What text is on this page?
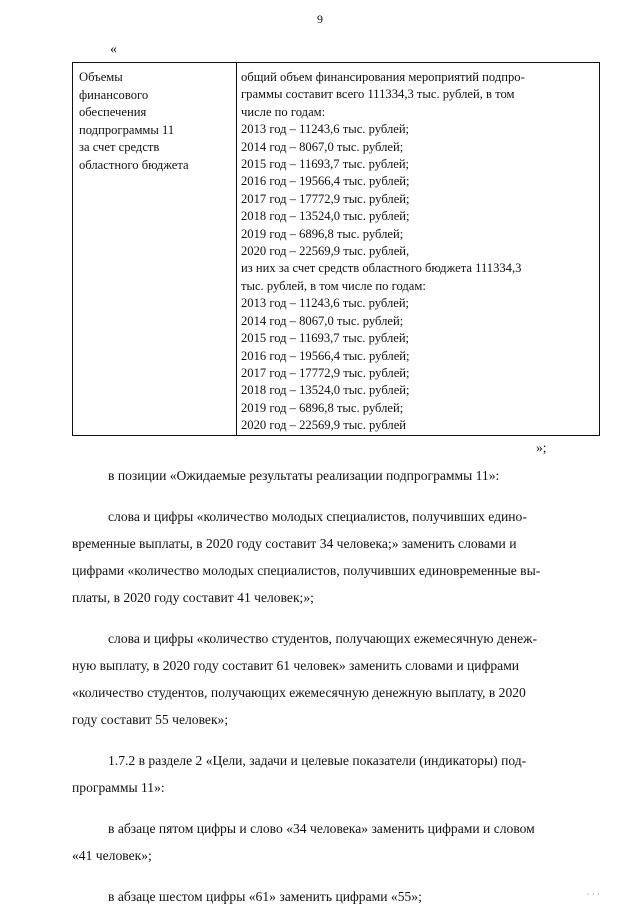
9
«
Объемы
финансового
обеспечения
подпрограммы 11
за счет средств
областного бюджета
общий объем финансирования мероприятий подпро-
граммы составит всего 111334,3 тыс. рублей, в том
числе по годам:
2013 год – 11243,6 тыс. рублей;
2014 год – 8067,0 тыс. рублей;
2015 год – 11693,7 тыс. рублей;
2016 год – 19566,4 тыс. рублей;
2017 год – 17772,9 тыс. рублей;
2018 год – 13524,0 тыс. рублей;
2019 год – 6896,8 тыс. рублей;
2020 год – 22569,9 тыс. рублей,
из них за счет средств областного бюджета 111334,3
тыс. рублей, в том числе по годам:
2013 год – 11243,6 тыс. рублей;
2014 год – 8067,0 тыс. рублей;
2015 год – 11693,7 тыс. рублей;
2016 год – 19566,4 тыс. рублей;
2017 год – 17772,9 тыс. рублей;
2018 год – 13524,0 тыс. рублей;
2019 год – 6896,8 тыс. рублей;
2020 год – 22569,9 тыс. рублей
»;
в позиции «Ожидаемые результаты реализации подпрограммы 11»:
слова и цифры «количество молодых специалистов, получивших едино-
временные выплаты, в 2020 году составит 34 человека;» заменить словами и
цифрами «количество молодых специалистов, получивших единовременные вы-
платы, в 2020 году составит 41 человек;»;
слова и цифры «количество студентов, получающих ежемесячную денеж-
ную выплату, в 2020 году составит 61 человек» заменить словами и цифрами
«количество студентов, получающих ежемесячную денежную выплату, в 2020
году составит 55 человек»;
1.7.2 в разделе 2 «Цели, задачи и целевые показатели (индикаторы) под-
программы 11»:
в абзаце пятом цифры и слово «34 человека» заменить цифрами и словом
«41 человек»;
в абзаце шестом цифры «61» заменить цифрами «55»;	· · ·
